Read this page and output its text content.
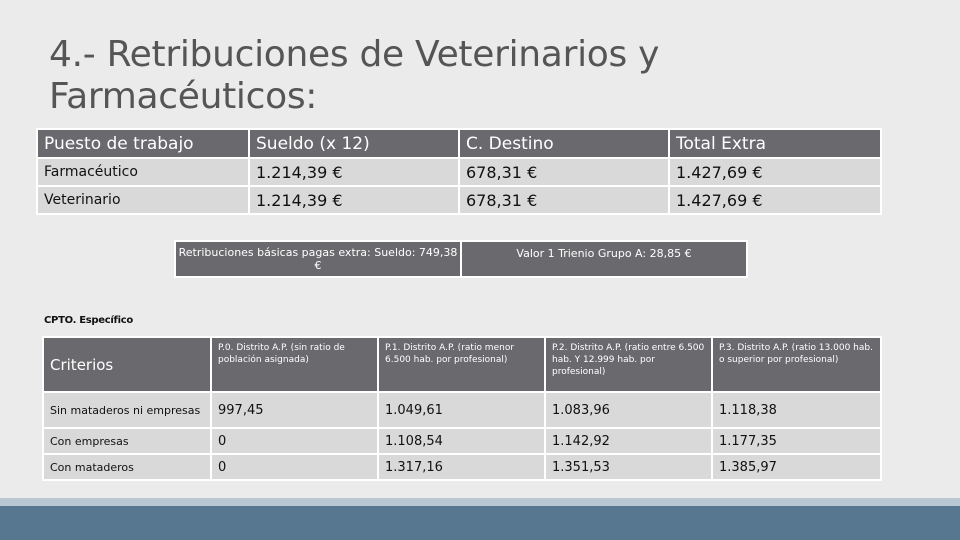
4.- Retribuciones de Veterinarios y
Farmacéuticos:
Puesto de trabajo	Sueldo (x 12)	C. Destino	Total Extra
Farmacéutico	1.214,39 €	678,31 €	1.427,69 €
Veterinario	1.214,39 €	678,31 €	1.427,69 €
Retribuciones básicas pagas extra: Sueldo: 749,38 €
Valor 1 Trienio Grupo A: 28,85 €
CPTO. Específico
Criterios	P.0. Distrito A.P. (sin ratio de población asignada)	P.1. Distrito A.P. (ratio menor 6.500 hab. por profesional)	P.2. Distrito A.P. (ratio entre 6.500 hab. Y 12.999 hab. por profesional)	P.3. Distrito A.P. (ratio 13.000 hab. o superior por profesional)
Sin mataderos ni empresas	997,45	1.049,61	1.083,96	1.118,38
Con empresas	0	1.108,54	1.142,92	1.177,35
Con mataderos	0	1.317,16	1.351,53	1.385,97
